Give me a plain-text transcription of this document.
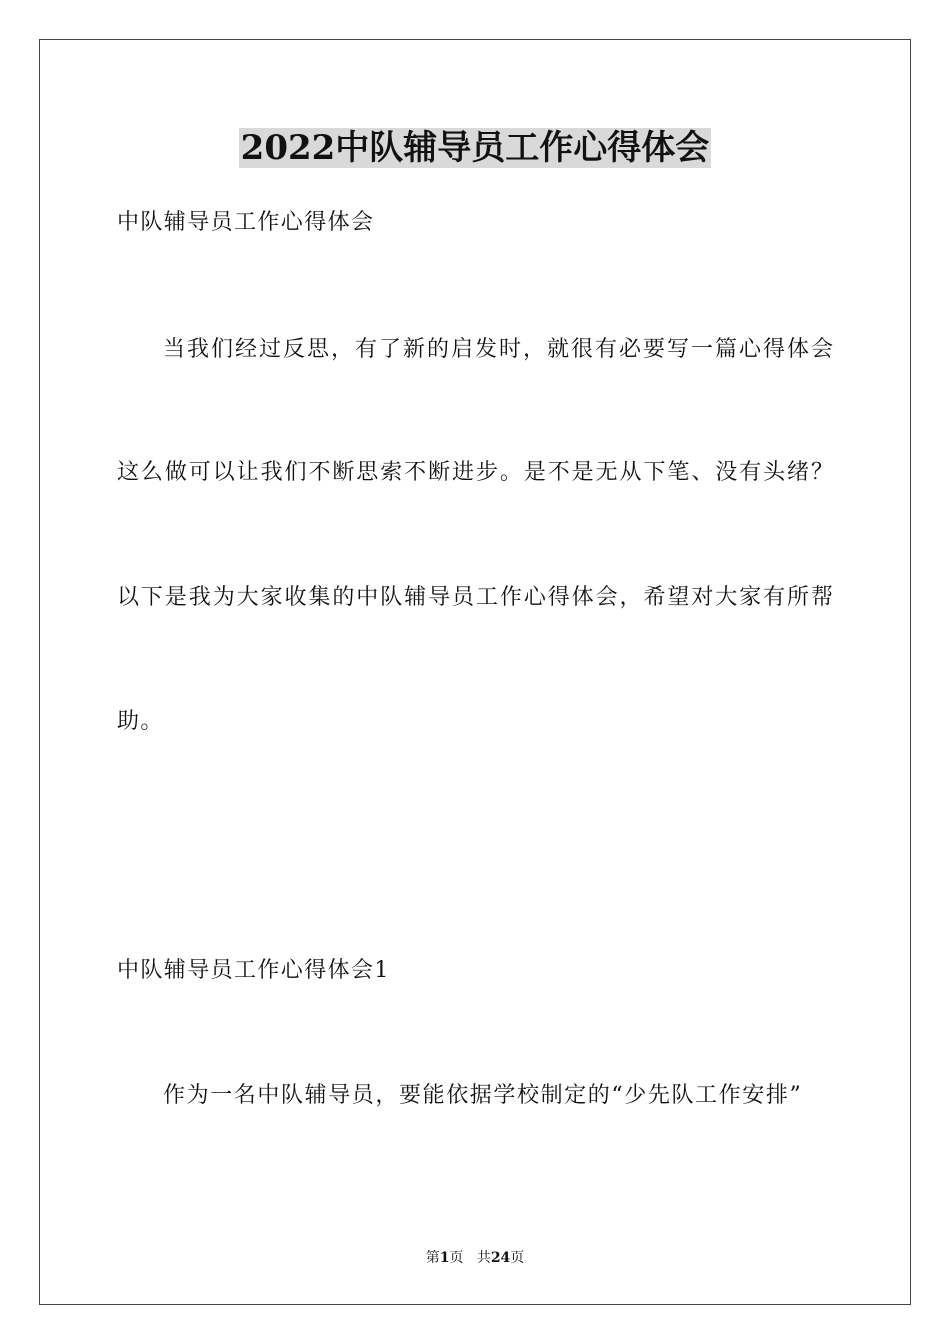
2022中队辅导员工作心得体会
中队辅导员工作心得体会
当我们经过反思，有了新的启发时，就很有必要写一篇心得体会
这么做可以让我们不断思索不断进步。是不是无从下笔、没有头绪？
以下是我为大家收集的中队辅导员工作心得体会，希望对大家有所帮
助。
中队辅导员工作心得体会1
作为一名中队辅导员，要能依据学校制定的“少先队工作安排”
第1页 共24页
